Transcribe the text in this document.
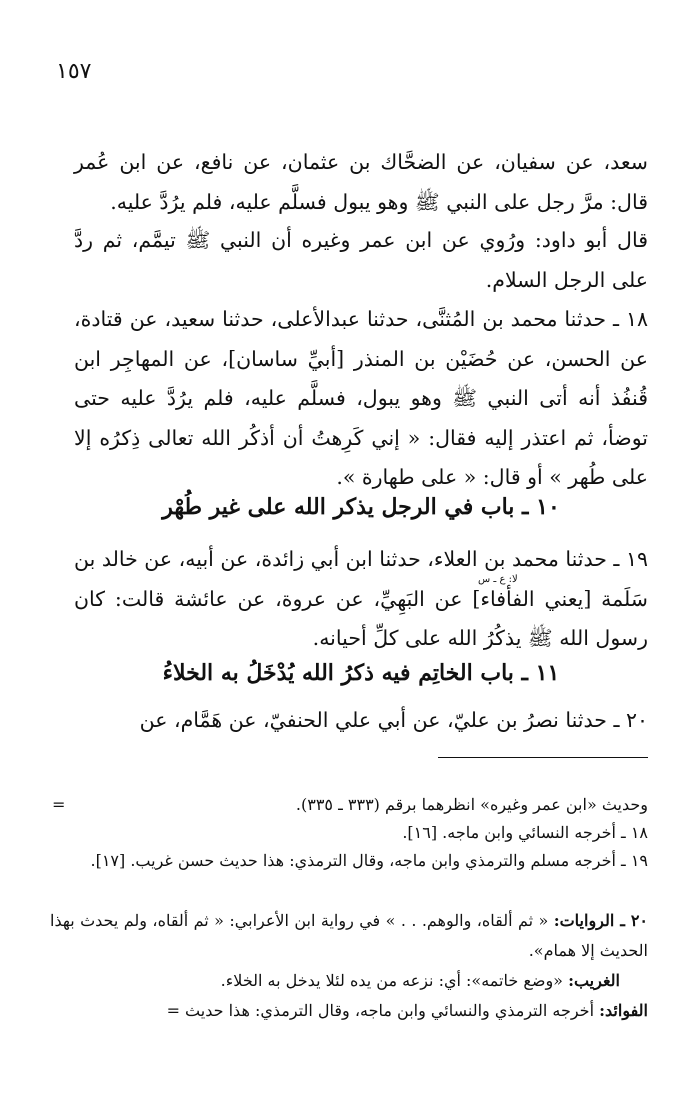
١٥٧

سعد، عن سفيان، عن الضحَّاك بن عثمان، عن نافع، عن ابن عُمر قال: مرَّ رجل على النبي ﷺ وهو يبول فسلَّم عليه، فلم يرُدَّ عليه.

قال أبو داود: ورُوي عن ابن عمر وغيره أن النبي ﷺ تيمَّم، ثم ردَّ على الرجل السلام.

١٨ ـ حدثنا محمد بن المُثنَّى، حدثنا عبدالأعلى، حدثنا سعيد، عن قتادة، عن الحسن، عن حُضَيْن بن المنذر [أبيِّ ساسان]، عن المهاجِر ابن قُنفُذ أنه أتى النبي ﷺ وهو يبول، فسلَّم عليه، فلم يرُدَّ عليه حتى توضأ، ثم اعتذر إليه فقال: « إني كَرِهتُ أن أذكُر الله تعالى ذِكرُه إلا على طُهر » أو قال: « على طهارة ».

١٠ ـ باب في الرجل يذكر الله على غير طُهْر

١٩ ـ حدثنا محمد بن العلاء، حدثنا ابن أبي زائدة، عن أبيه، عن خالد بن سَلَمة [يعني الفأفاء] عن البَهِيِّ، عن عروة، عن عائشة قالت: كان رسول الله ﷺ يذكُرُ الله على كلِّ أحيانه.

لا: ع ـ س
١١ ـ باب الخاتِم فيه ذكرُ الله يُدْخَلُ به الخلاءُ

٢٠ ـ حدثنا نصرُ بن عليّ، عن أبي علي الحنفيّ، عن هَمَّام، عن

=	وحديث «ابن عمر وغيره» انظرهما برقم (٣٣٣ ـ ٣٣٥).

١٨ ـ أخرجه النسائي وابن ماجه. [١٦].

١٩ ـ أخرجه مسلم والترمذي وابن ماجه، وقال الترمذي: هذا حديث حسن غريب. [١٧].

٢٠ ـ الروايات: « ثم ألقاه، والوهم. . . » في رواية ابن الأعرابي: « ثم ألقاه، ولم يحدث بهذا الحديث إلا همام».

الغريب: «وضع خاتمه»: أي: نزعه من يده لئلا يدخل به الخلاء.

الفوائد: أخرجه الترمذي والنسائي وابن ماجه، وقال الترمذي: هذا حديث =
